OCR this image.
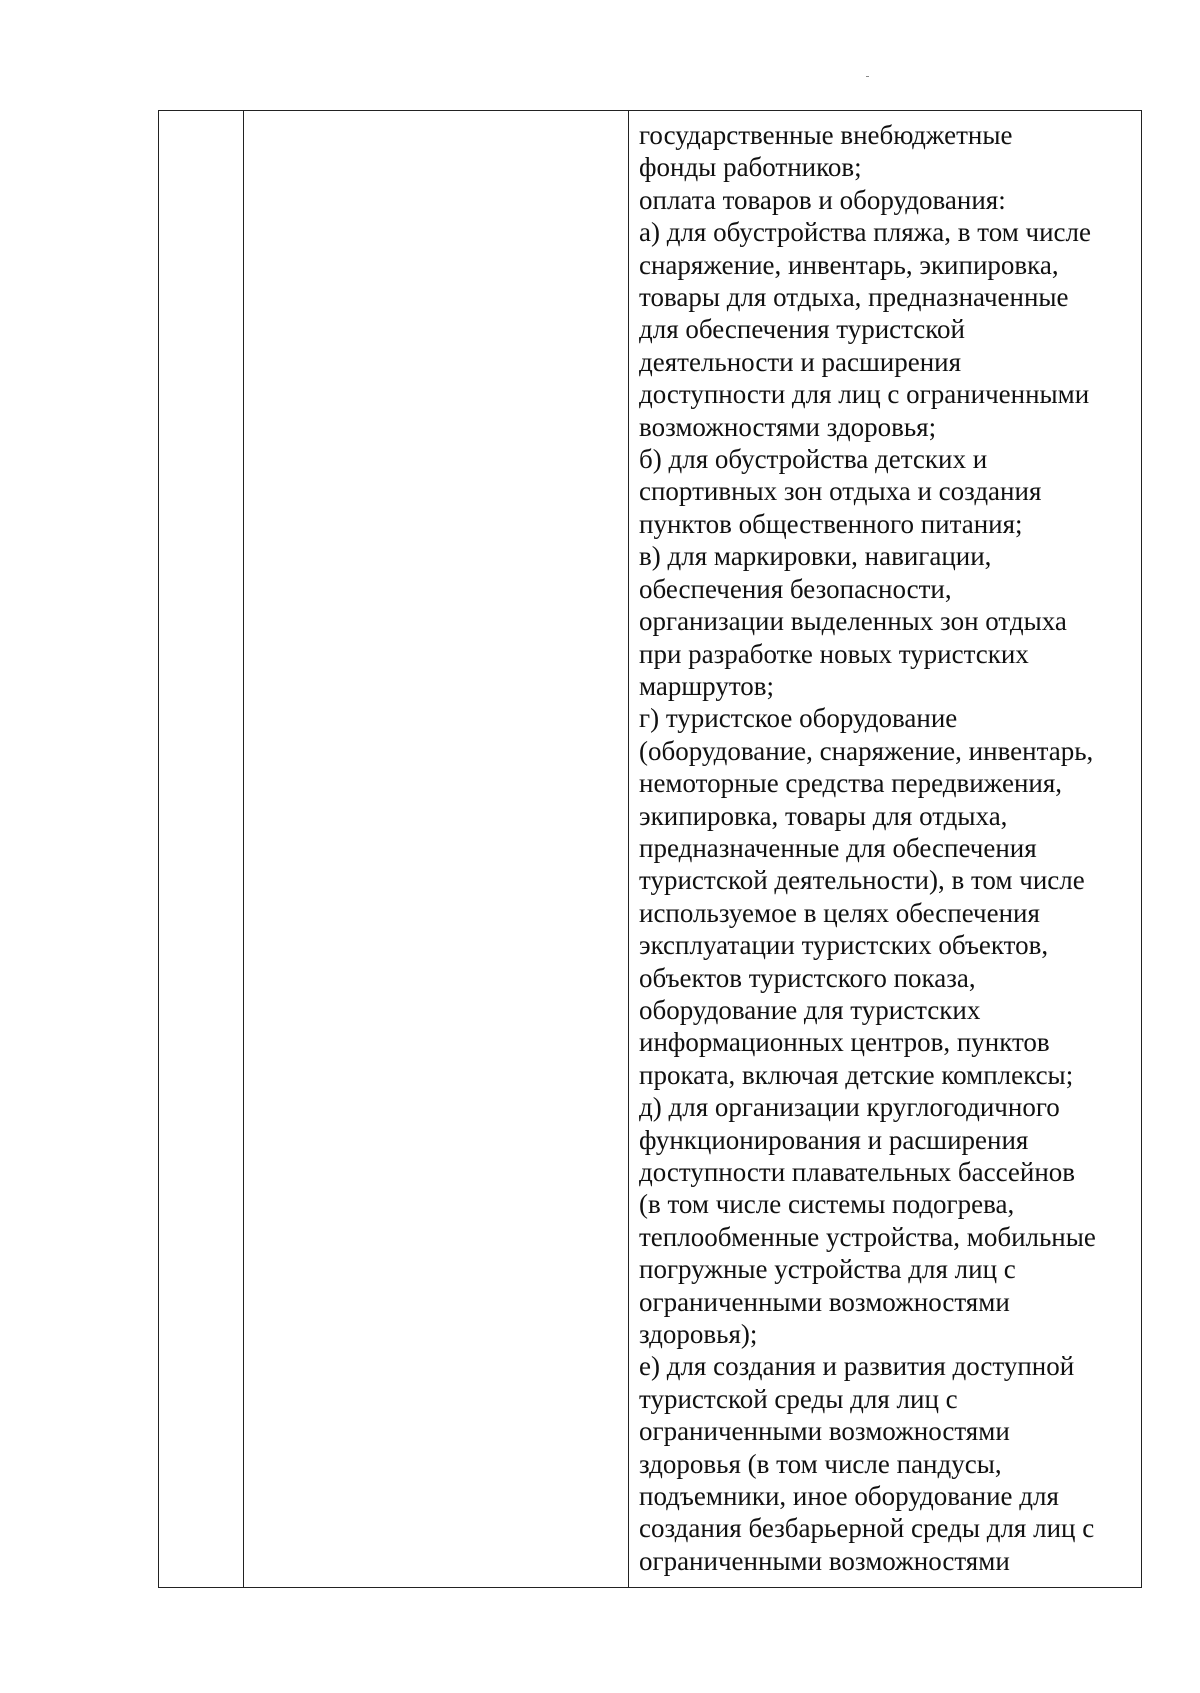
государственные внебюджетные
фонды работников;
оплата товаров и оборудования:
а) для обустройства пляжа, в том числе
снаряжение, инвентарь, экипировка,
товары для отдыха, предназначенные
для обеспечения туристской
деятельности и расширения
доступности для лиц с ограниченными
возможностями здоровья;
б) для обустройства детских и
спортивных зон отдыха и создания
пунктов общественного питания;
в) для маркировки, навигации,
обеспечения безопасности,
организации выделенных зон отдыха
при разработке новых туристских
маршрутов;
г) туристское оборудование
(оборудование, снаряжение, инвентарь,
немоторные средства передвижения,
экипировка, товары для отдыха,
предназначенные для обеспечения
туристской деятельности), в том числе
используемое в целях обеспечения
эксплуатации туристских объектов,
объектов туристского показа,
оборудование для туристских
информационных центров, пунктов
проката, включая детские комплексы;
д) для организации круглогодичного
функционирования и расширения
доступности плавательных бассейнов
(в том числе системы подогрева,
теплообменные устройства, мобильные
погружные устройства для лиц с
ограниченными возможностями
здоровья);
е) для создания и развития доступной
туристской среды для лиц с
ограниченными возможностями
здоровья (в том числе пандусы,
подъемники, иное оборудование для
создания безбарьерной среды для лиц с
ограниченными возможностями
